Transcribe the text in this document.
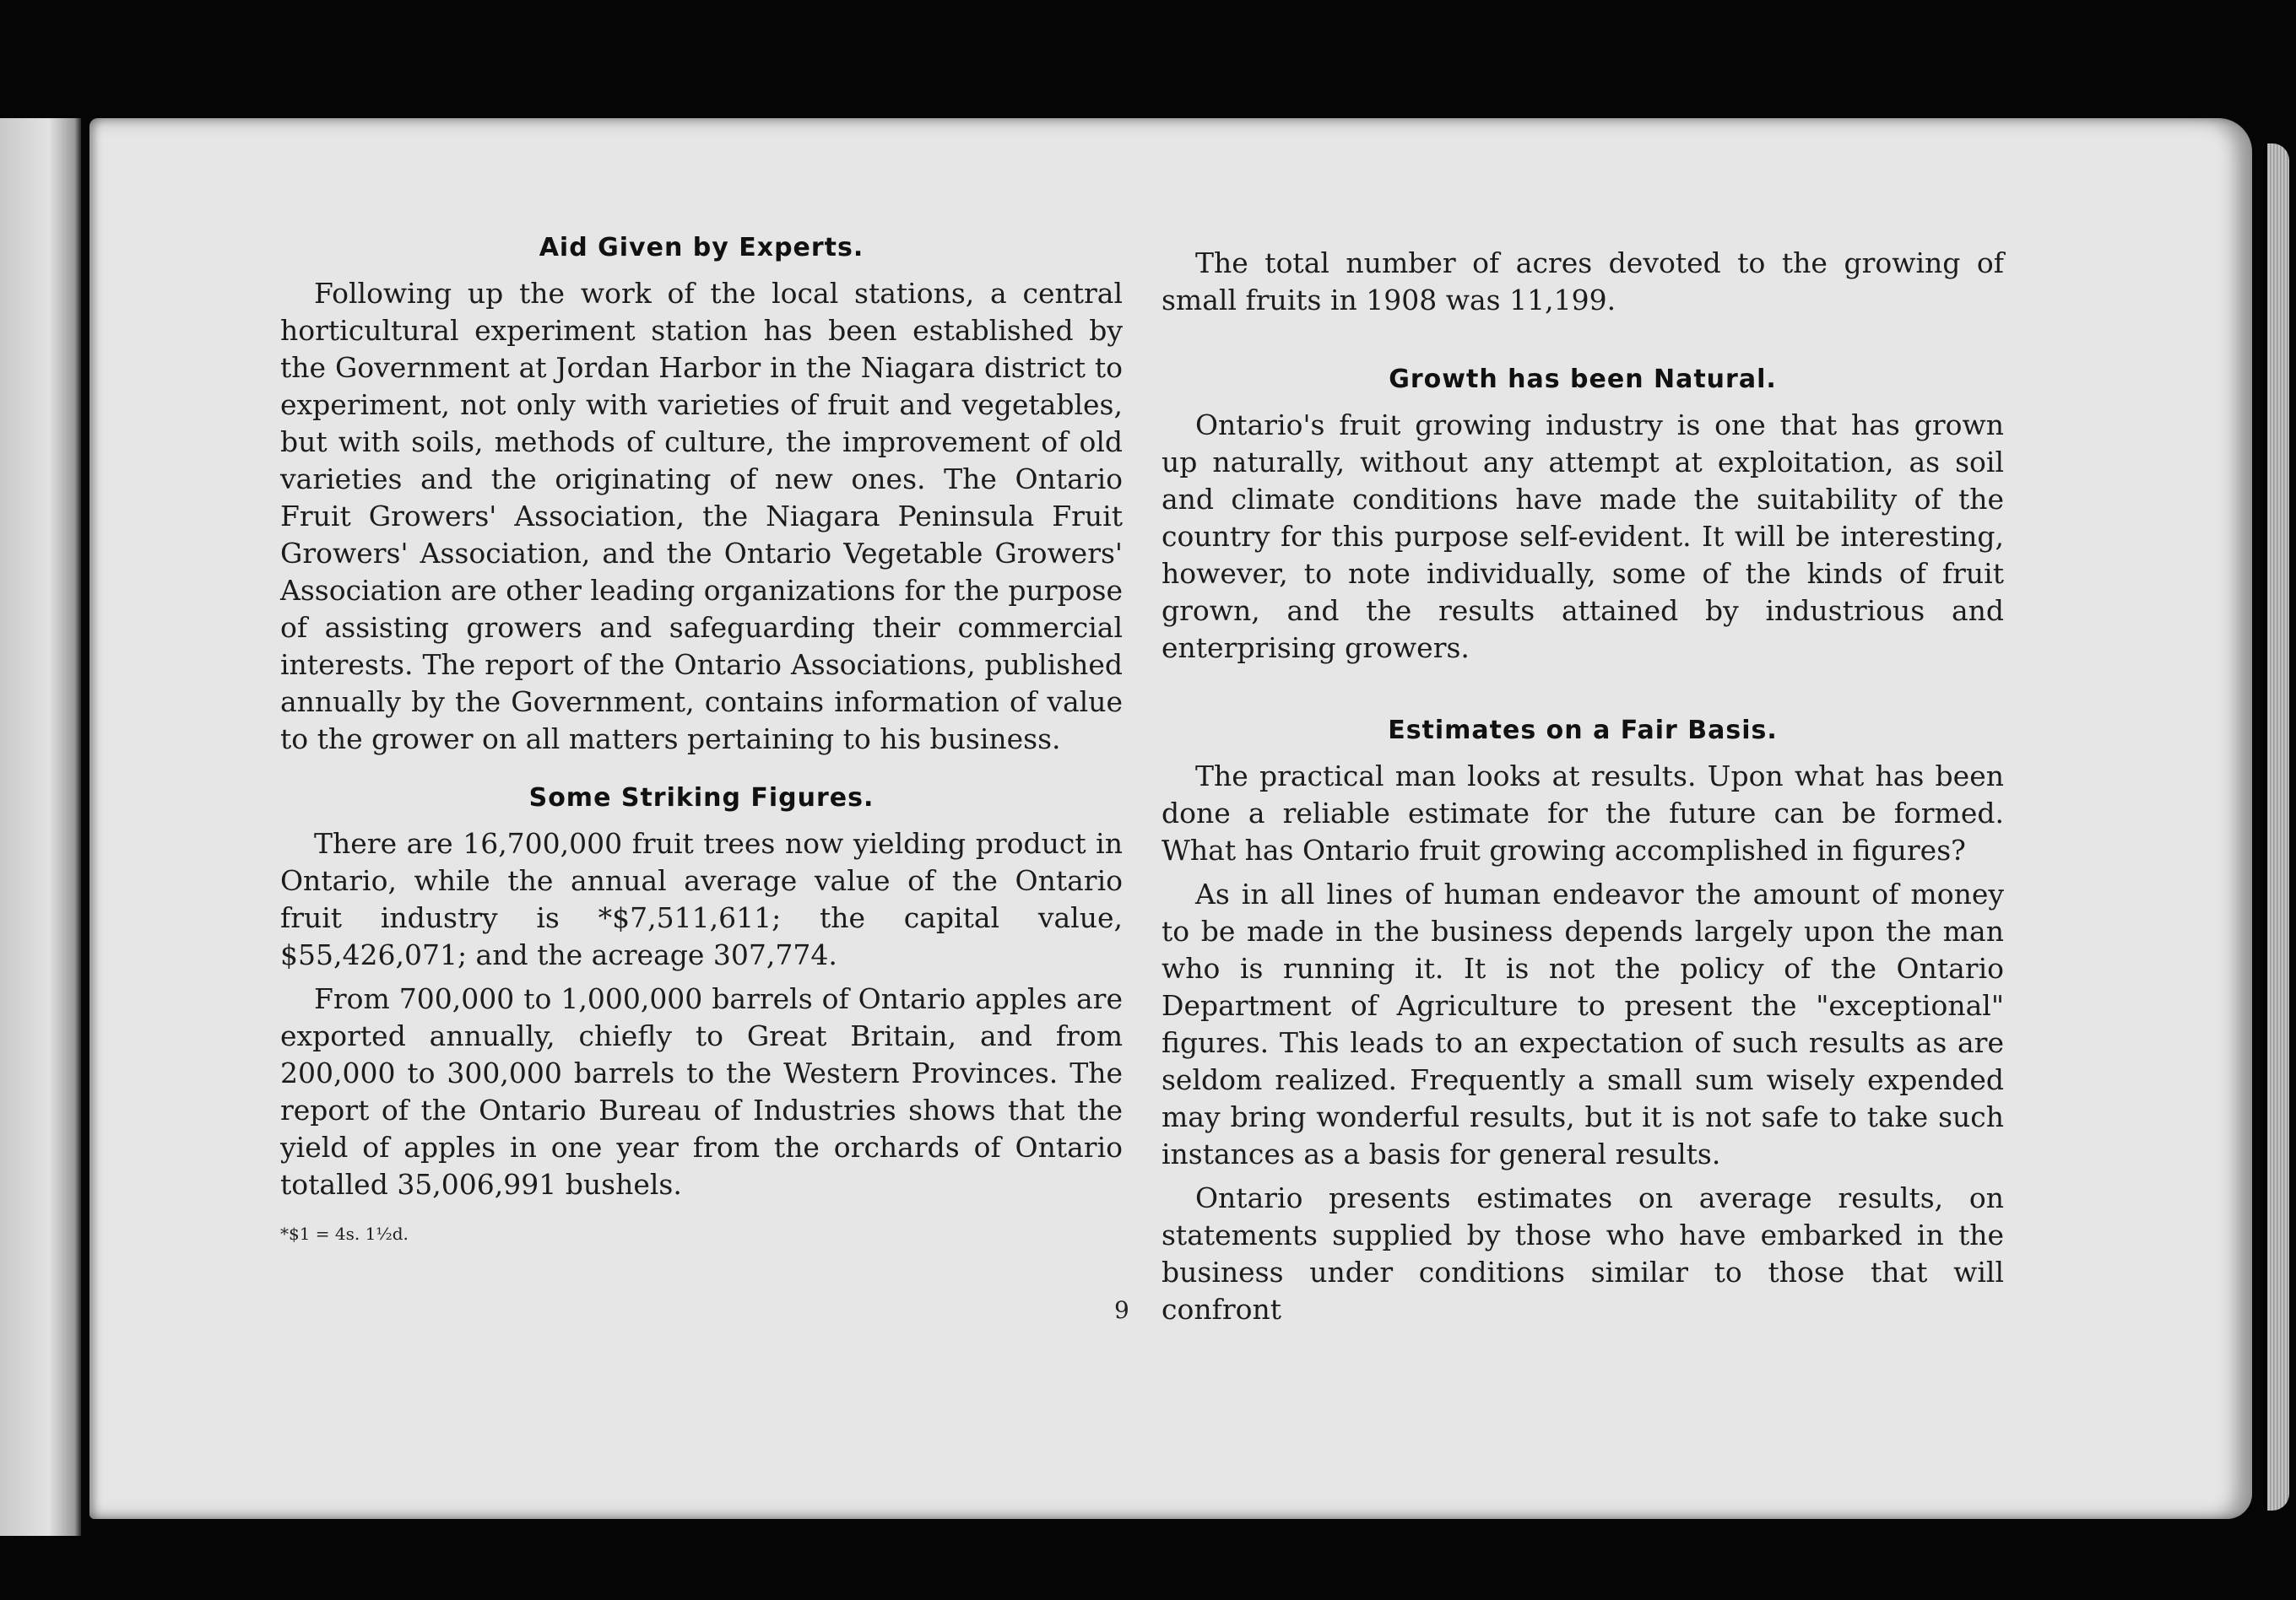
Aid Given by Experts.

Following up the work of the local stations, a central horticultural experiment station has been established by the Government at Jordan Harbor in the Niagara district to experiment, not only with varieties of fruit and vegetables, but with soils, methods of culture, the improvement of old varieties and the originating of new ones. The Ontario Fruit Growers' Association, the Niagara Peninsula Fruit Growers' Association, and the Ontario Vegetable Growers' Association are other leading organizations for the purpose of assisting growers and safeguarding their commercial interests. The report of the Ontario Associations, published annually by the Government, contains information of value to the grower on all matters pertaining to his business.

Some Striking Figures.

There are 16,700,000 fruit trees now yielding product in Ontario, while the annual average value of the Ontario fruit industry is *$7,511,611; the capital value, $55,426,071; and the acreage 307,774.

From 700,000 to 1,000,000 barrels of Ontario apples are exported annually, chiefly to Great Britain, and from 200,000 to 300,000 barrels to the Western Provinces. The report of the Ontario Bureau of Industries shows that the yield of apples in one year from the orchards of Ontario totalled 35,006,991 bushels.

*$1 = 4s. 1½d.

The total number of acres devoted to the growing of small fruits in 1908 was 11,199.

Growth has been Natural.

Ontario's fruit growing industry is one that has grown up naturally, without any attempt at exploitation, as soil and climate conditions have made the suitability of the country for this purpose self-evident. It will be interesting, however, to note individually, some of the kinds of fruit grown, and the results attained by industrious and enterprising growers.

Estimates on a Fair Basis.

The practical man looks at results. Upon what has been done a reliable estimate for the future can be formed. What has Ontario fruit growing accomplished in figures?

As in all lines of human endeavor the amount of money to be made in the business depends largely upon the man who is running it. It is not the policy of the Ontario Department of Agriculture to present the "exceptional" figures. This leads to an expectation of such results as are seldom realized. Frequently a small sum wisely expended may bring wonderful results, but it is not safe to take such instances as a basis for general results.

Ontario presents estimates on average results, on statements supplied by those who have embarked in the business under conditions similar to those that will confront

9
